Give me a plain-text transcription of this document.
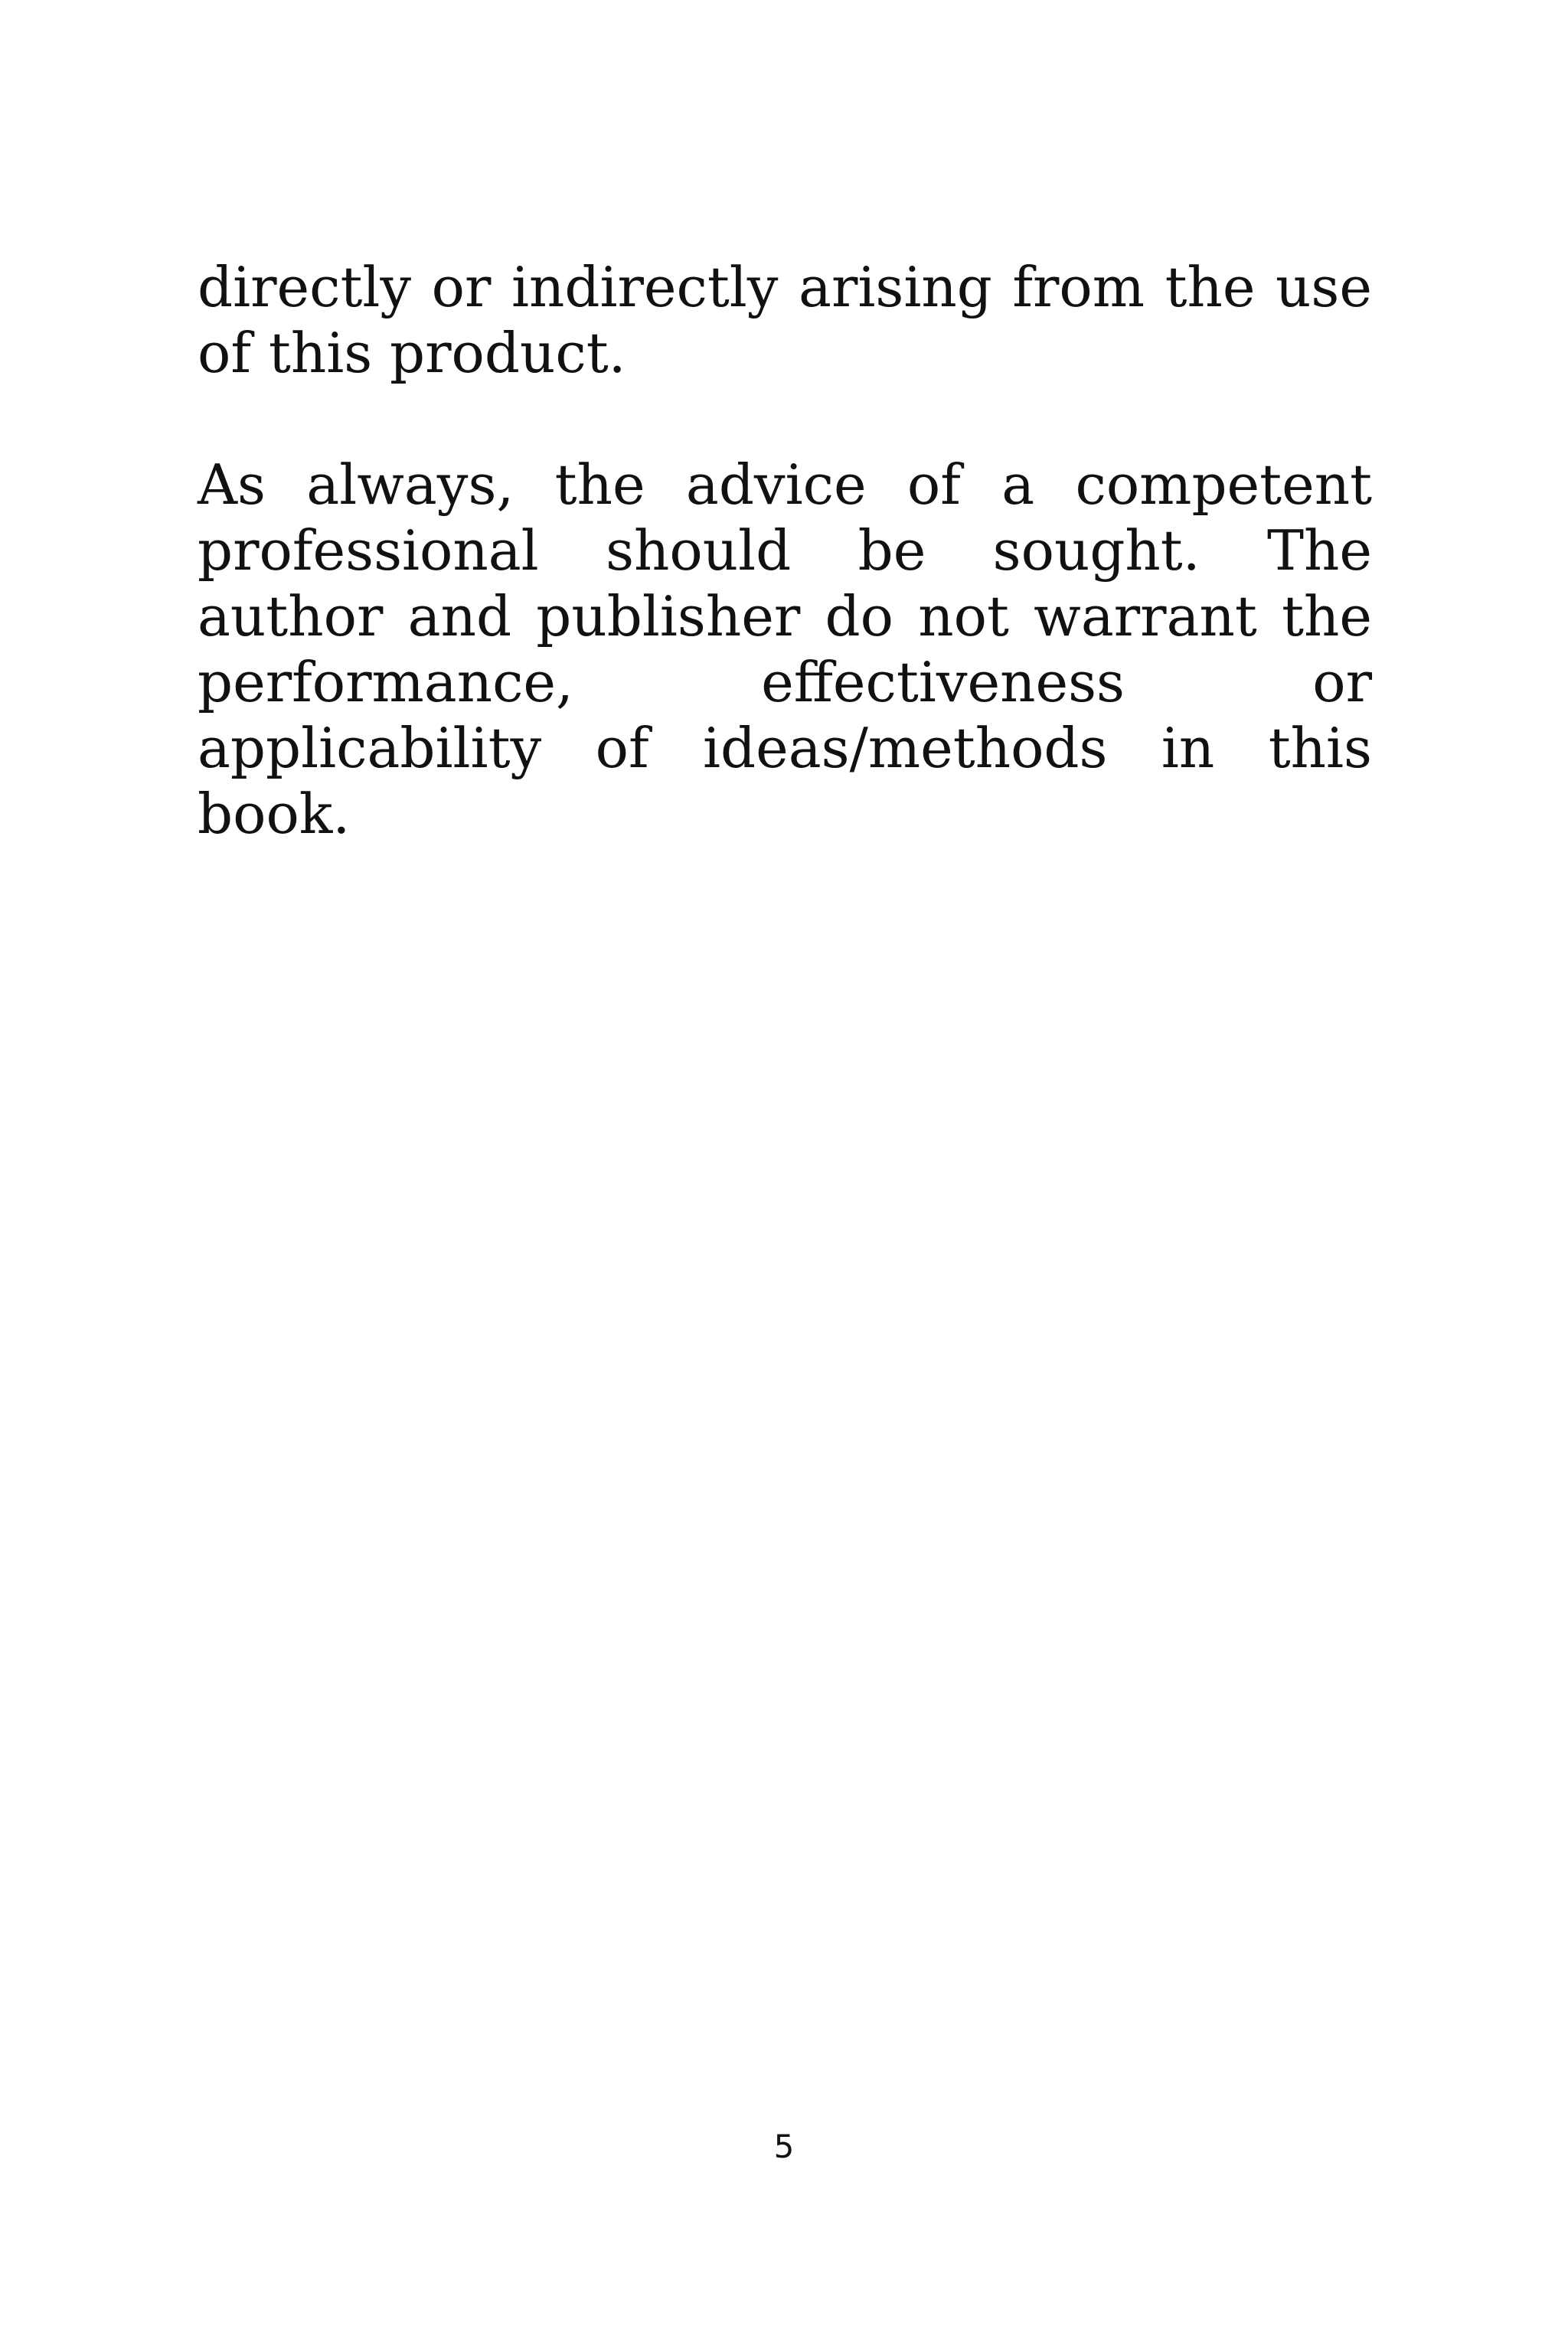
directly or indirectly arising from the use of this product.

As always, the advice of a competent professional should be sought. The author and publisher do not warrant the performance, effectiveness or applicability of ideas/methods in this book.

5
